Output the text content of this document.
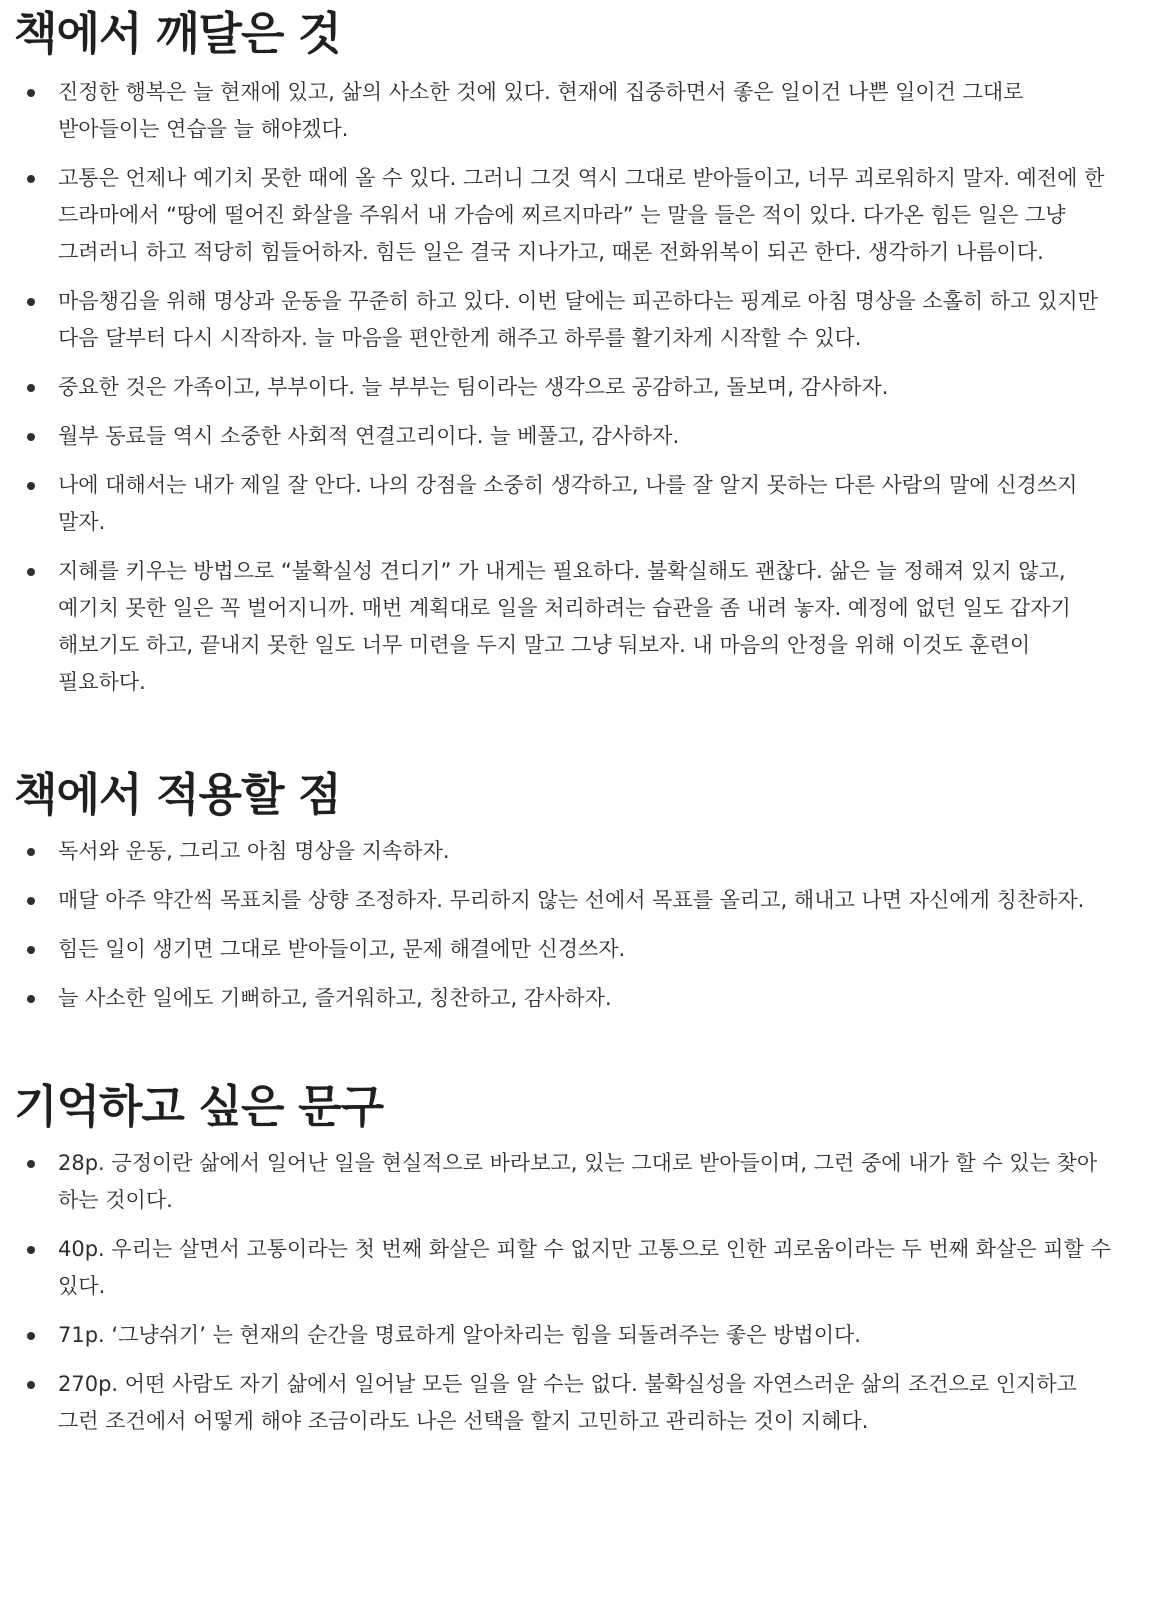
책에서 깨달은 것
진정한 행복은 늘 현재에 있고, 삶의 사소한 것에 있다. 현재에 집중하면서 좋은 일이건 나쁜 일이건 그대로 받아들이는 연습을 늘 해야겠다.
고통은 언제나 예기치 못한 때에 올 수 있다. 그러니 그것 역시 그대로 받아들이고, 너무 괴로워하지 말자. 예전에 한 드라마에서 “땅에 떨어진 화살을 주워서 내 가슴에 찌르지마라” 는 말을 들은 적이 있다. 다가온 힘든 일은 그냥 그려러니 하고 적당히 힘들어하자. 힘든 일은 결국 지나가고, 때론 전화위복이 되곤 한다. 생각하기 나름이다.
마음챙김을 위해 명상과 운동을 꾸준히 하고 있다. 이번 달에는 피곤하다는 핑계로 아침 명상을 소홀히 하고 있지만 다음 달부터 다시 시작하자. 늘 마음을 편안한게 해주고 하루를 활기차게 시작할 수 있다.
중요한 것은 가족이고, 부부이다. 늘 부부는 팀이라는 생각으로 공감하고, 돌보며, 감사하자.
월부 동료들 역시 소중한 사회적 연결고리이다. 늘 베풀고, 감사하자.
나에 대해서는 내가 제일 잘 안다. 나의 강점을 소중히 생각하고, 나를 잘 알지 못하는 다른 사람의 말에 신경쓰지 말자.
지혜를 키우는 방법으로 “불확실성 견디기” 가 내게는 필요하다. 불확실해도 괜찮다. 삶은 늘 정해져 있지 않고, 예기치 못한 일은 꼭 벌어지니까. 매번 계획대로 일을 처리하려는 습관을 좀 내려 놓자. 예정에 없던 일도 갑자기 해보기도 하고, 끝내지 못한 일도 너무 미련을 두지 말고 그냥 둬보자. 내 마음의 안정을 위해 이것도 훈련이 필요하다.
책에서 적용할 점
독서와 운동, 그리고 아침 명상을 지속하자.
매달 아주 약간씩 목표치를 상향 조정하자. 무리하지 않는 선에서 목표를 올리고, 해내고 나면 자신에게 칭찬하자.
힘든 일이 생기면 그대로 받아들이고, 문제 해결에만 신경쓰자.
늘 사소한 일에도 기뻐하고, 즐거워하고, 칭찬하고, 감사하자.
기억하고 싶은 문구
28p. 긍정이란 삶에서 일어난 일을 현실적으로 바라보고, 있는 그대로 받아들이며, 그런 중에 내가 할 수 있는 찾아 하는 것이다.
40p. 우리는 살면서 고통이라는 첫 번째 화살은 피할 수 없지만 고통으로 인한 괴로움이라는 두 번째 화살은 피할 수 있다.
71p. ‘그냥쉬기’ 는 현재의 순간을 명료하게 알아차리는 힘을 되돌려주는 좋은 방법이다.
270p. 어떤 사람도 자기 삶에서 일어날 모든 일을 알 수는 없다. 불확실성을 자연스러운 삶의 조건으로 인지하고 그런 조건에서 어떻게 해야 조금이라도 나은 선택을 할지 고민하고 관리하는 것이 지혜다.
